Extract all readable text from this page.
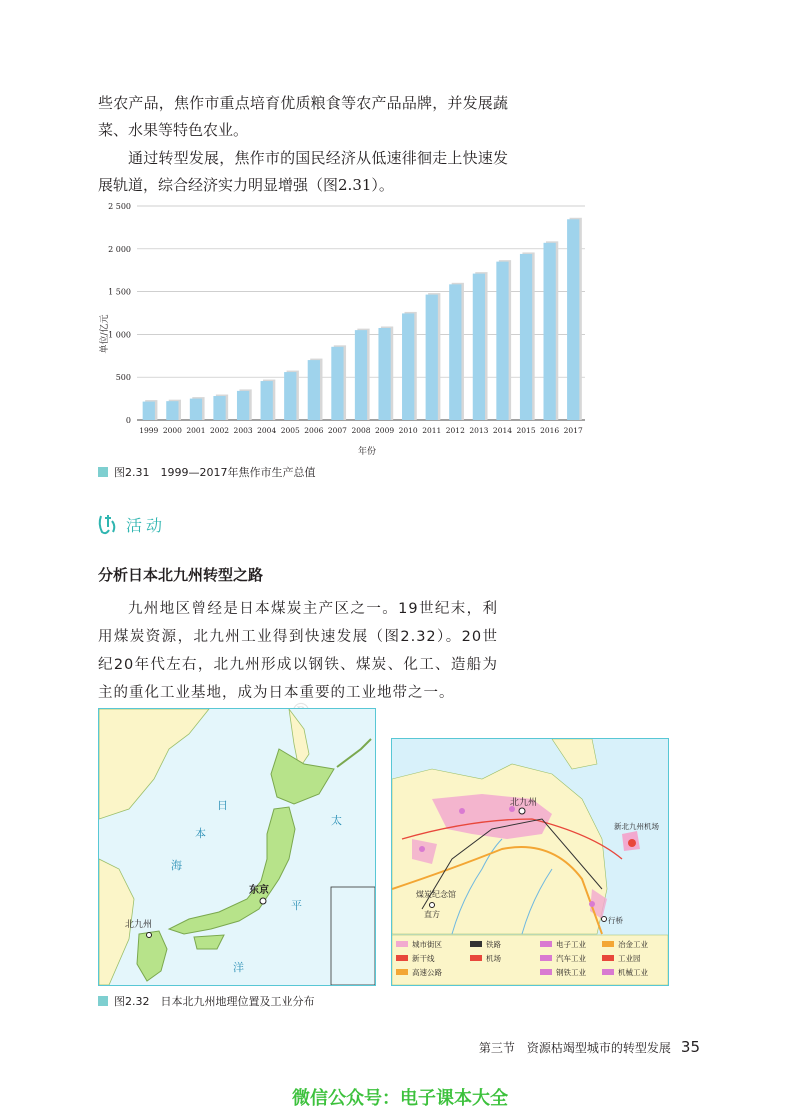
些农产品，焦作市重点培育优质粮食等农产品品牌，并发展蔬菜、水果等特色农业。

通过转型发展，焦作市的国民经济从低速徘徊走上快速发展轨道，综合经济实力明显增强（图2.31）。

0
500
1 000
1 500
2 000
2 500
1999 2000 2001 2002 2003 2004 2005 2006 2007 2008 2009 2010 2011 2012 2013 2014 2015 2016 2017
单位/亿元
年份
图2.31　1999—2017年焦作市生产总值
活动
分析日本北九州转型之路

九州地区曾经是日本煤炭主产区之一。19世纪末，利用煤炭资源，北九州工业得到快速发展（图2.32）。20世纪20年代左右，北九州形成以钢铁、煤炭、化工、造船为主的重化工业基地，成为日本重要的工业地带之一。

日
本
海
太
平
洋
东京
北九州
北九州
新北九州机场
煤炭纪念馆
直方
行桥
城市街区	铁路	电子工业	冶金工业
新干线	机场	汽车工业	工业园
高速公路	钢铁工业	机械工业
图2.32　日本北九州地理位置及工业分布
第三节　资源枯竭型城市的转型发展 35
微信公众号：电子课本大全
